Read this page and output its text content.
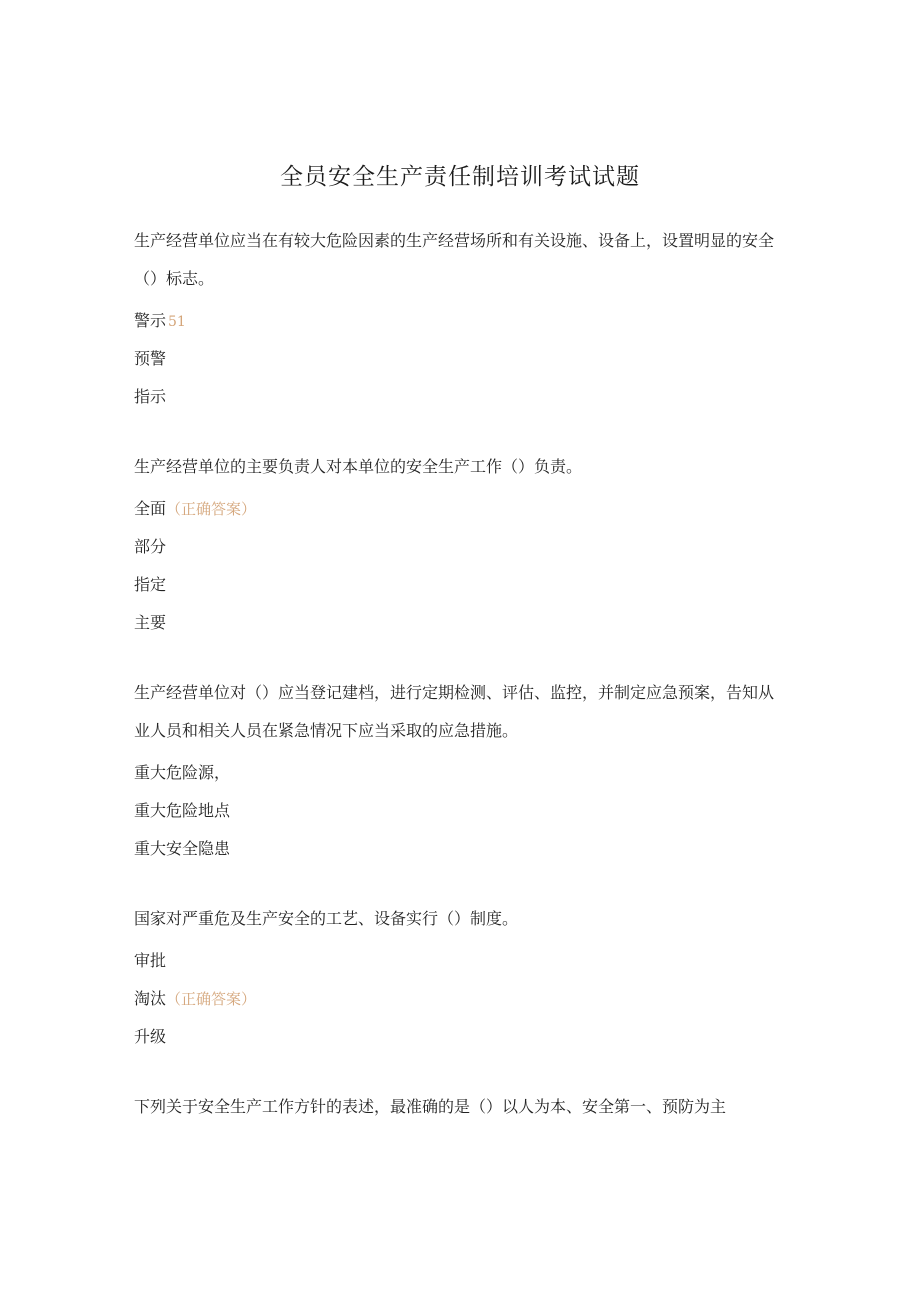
全员安全生产责任制培训考试试题

生产经营单位应当在有较大危险因素的生产经营场所和有关设施、设备上，设置明显的安全（）标志。

警示 51

预警

指示

生产经营单位的主要负责人对本单位的安全生产工作（）负责。

全面（正确答案）

部分

指定

主要

生产经营单位对（）应当登记建档，进行定期检测、评估、监控，并制定应急预案，告知从业人员和相关人员在紧急情况下应当采取的应急措施。

重大危险源，

重大危险地点

重大安全隐患

国家对严重危及生产安全的工艺、设备实行（）制度。

审批

淘汰（正确答案）

升级

下列关于安全生产工作方针的表述，最准确的是（）以人为本、安全第一、预防为主
